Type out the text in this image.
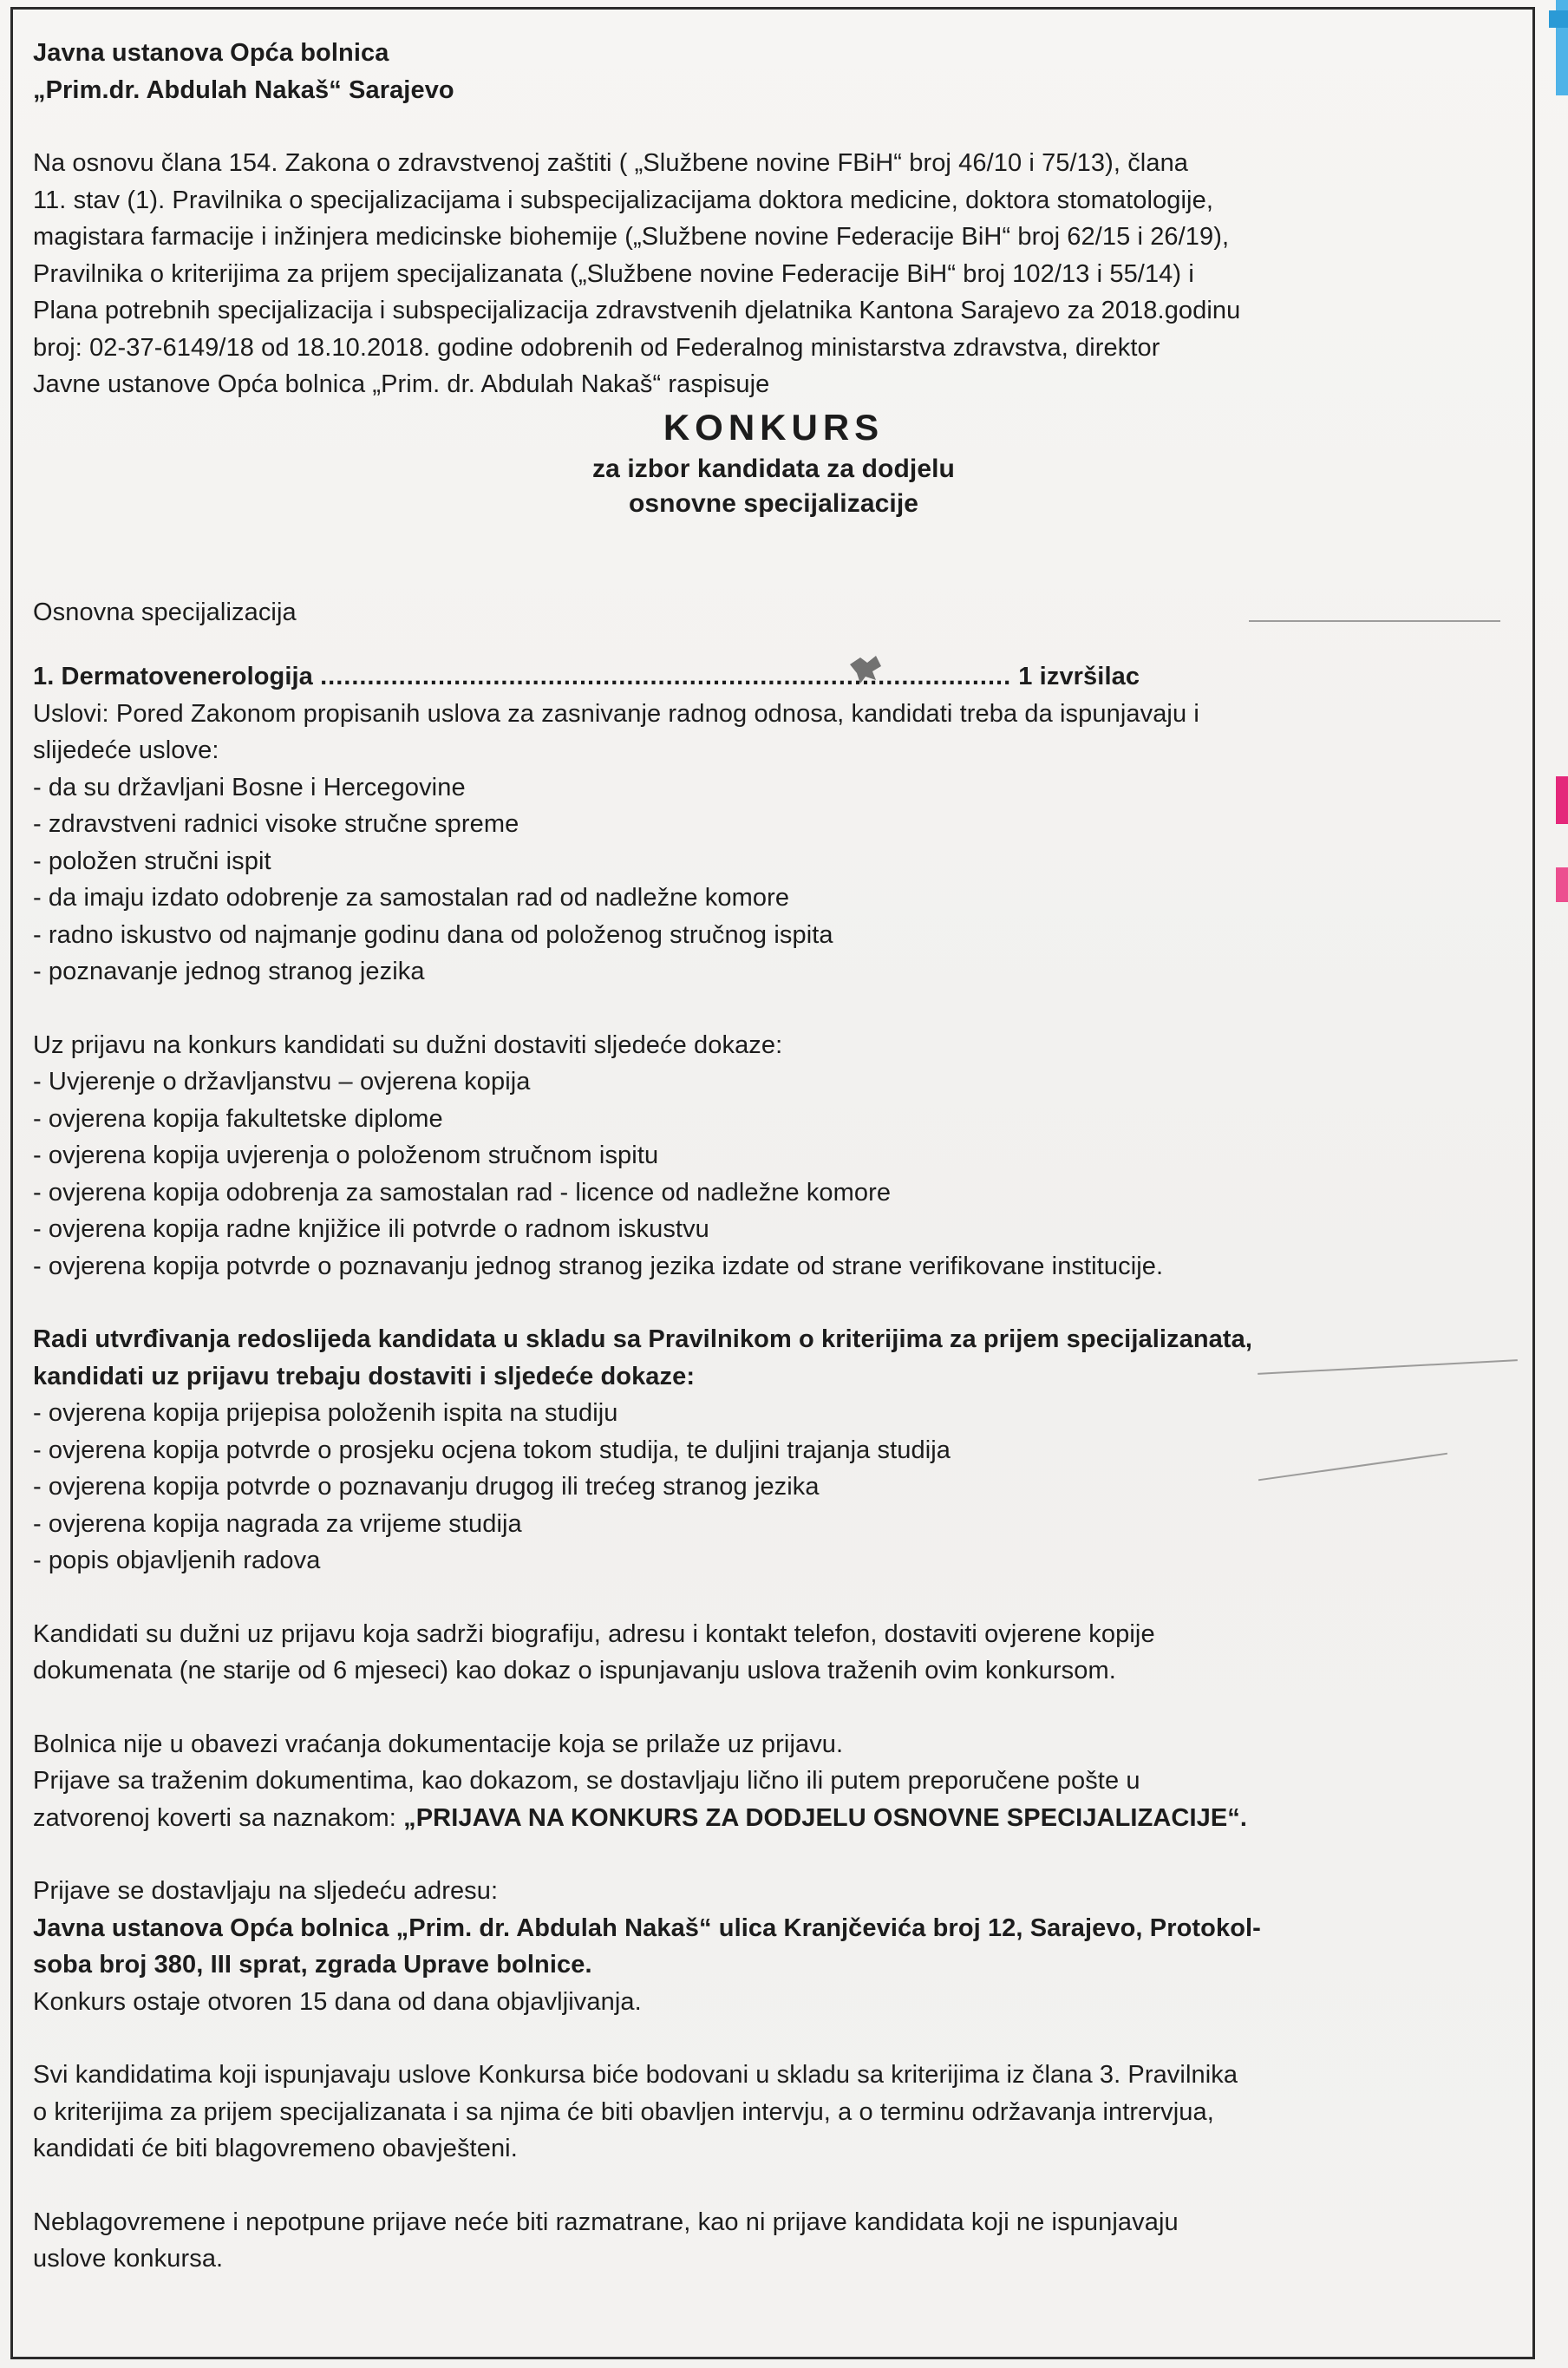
Javna ustanova Opća bolnica

„Prim.dr. Abdulah Nakaš“ Sarajevo

Na osnovu člana 154. Zakona o zdravstvenoj zaštiti ( „Službene novine FBiH“ broj 46/10 i 75/13), člana

11. stav (1). Pravilnika o specijalizacijama i subspecijalizacijama doktora medicine, doktora stomatologije,

magistara farmacije i inžinjera medicinske biohemije („Službene novine Federacije BiH“ broj 62/15 i 26/19),

Pravilnika o kriterijima za prijem specijalizanata („Službene novine Federacije BiH“ broj 102/13 i 55/14) i

Plana potrebnih specijalizacija i subspecijalizacija zdravstvenih djelatnika Kantona Sarajevo za 2018.godinu

broj: 02-37-6149/18 od 18.10.2018. godine odobrenih od Federalnog ministarstva zdravstva, direktor

Javne ustanove Opća bolnica „Prim. dr. Abdulah Nakaš“ raspisuje

KONKURS

za izbor kandidata za dodjelu

osnovne specijalizacije

Osnovna specijalizacija

1. Dermatovenerologija ........................................................................................ 1 izvršilac

Uslovi: Pored Zakonom propisanih uslova za zasnivanje radnog odnosa, kandidati treba da ispunjavaju i

slijedeće uslove:

- da su državljani Bosne i Hercegovine

- zdravstveni radnici visoke stručne spreme

- položen stručni ispit

- da imaju izdato odobrenje za samostalan rad od nadležne komore

- radno iskustvo od najmanje godinu dana od položenog stručnog ispita

- poznavanje jednog stranog jezika

Uz prijavu na konkurs kandidati su dužni dostaviti sljedeće dokaze:

- Uvjerenje o državljanstvu – ovjerena kopija

- ovjerena kopija fakultetske diplome

- ovjerena kopija uvjerenja o položenom stručnom ispitu

- ovjerena kopija odobrenja za samostalan rad - licence od nadležne komore

- ovjerena kopija radne knjižice ili potvrde o radnom iskustvu

- ovjerena kopija potvrde o poznavanju jednog stranog jezika izdate od strane verifikovane institucije.

Radi utvrđivanja redoslijeda kandidata u skladu sa Pravilnikom o kriterijima za prijem specijalizanata,

kandidati uz prijavu trebaju dostaviti i sljedeće dokaze:

- ovjerena kopija prijepisa položenih ispita na studiju

- ovjerena kopija potvrde o prosjeku ocjena tokom studija, te duljini trajanja studija

- ovjerena kopija potvrde o poznavanju drugog ili trećeg stranog jezika

- ovjerena kopija nagrada za vrijeme studija

- popis objavljenih radova

Kandidati su dužni uz prijavu koja sadrži biografiju, adresu i kontakt telefon, dostaviti ovjerene kopije

dokumenata (ne starije od 6 mjeseci) kao dokaz o ispunjavanju uslova traženih ovim konkursom.

Bolnica nije u obavezi vraćanja dokumentacije koja se prilaže uz prijavu.

Prijave sa traženim dokumentima, kao dokazom, se dostavljaju lično ili putem preporučene pošte u

zatvorenoj koverti sa naznakom: „PRIJAVA NA KONKURS ZA DODJELU OSNOVNE SPECIJALIZACIJE“.

Prijave se dostavljaju na sljedeću adresu:

Javna ustanova Opća bolnica „Prim. dr. Abdulah Nakaš“ ulica Kranjčevića broj 12, Sarajevo, Protokol-

soba broj 380, III sprat, zgrada Uprave bolnice.

Konkurs ostaje otvoren 15 dana od dana objavljivanja.

Svi kandidatima koji ispunjavaju uslove Konkursa biće bodovani u skladu sa kriterijima iz člana 3. Pravilnika

o kriterijima za prijem specijalizanata i sa njima će biti obavljen intervju, a o terminu održavanja intrervjua,

kandidati će biti blagovremeno obavješteni.

Neblagovremene i nepotpune prijave neće biti razmatrane, kao ni prijave kandidata koji ne ispunjavaju

uslove konkursa.
